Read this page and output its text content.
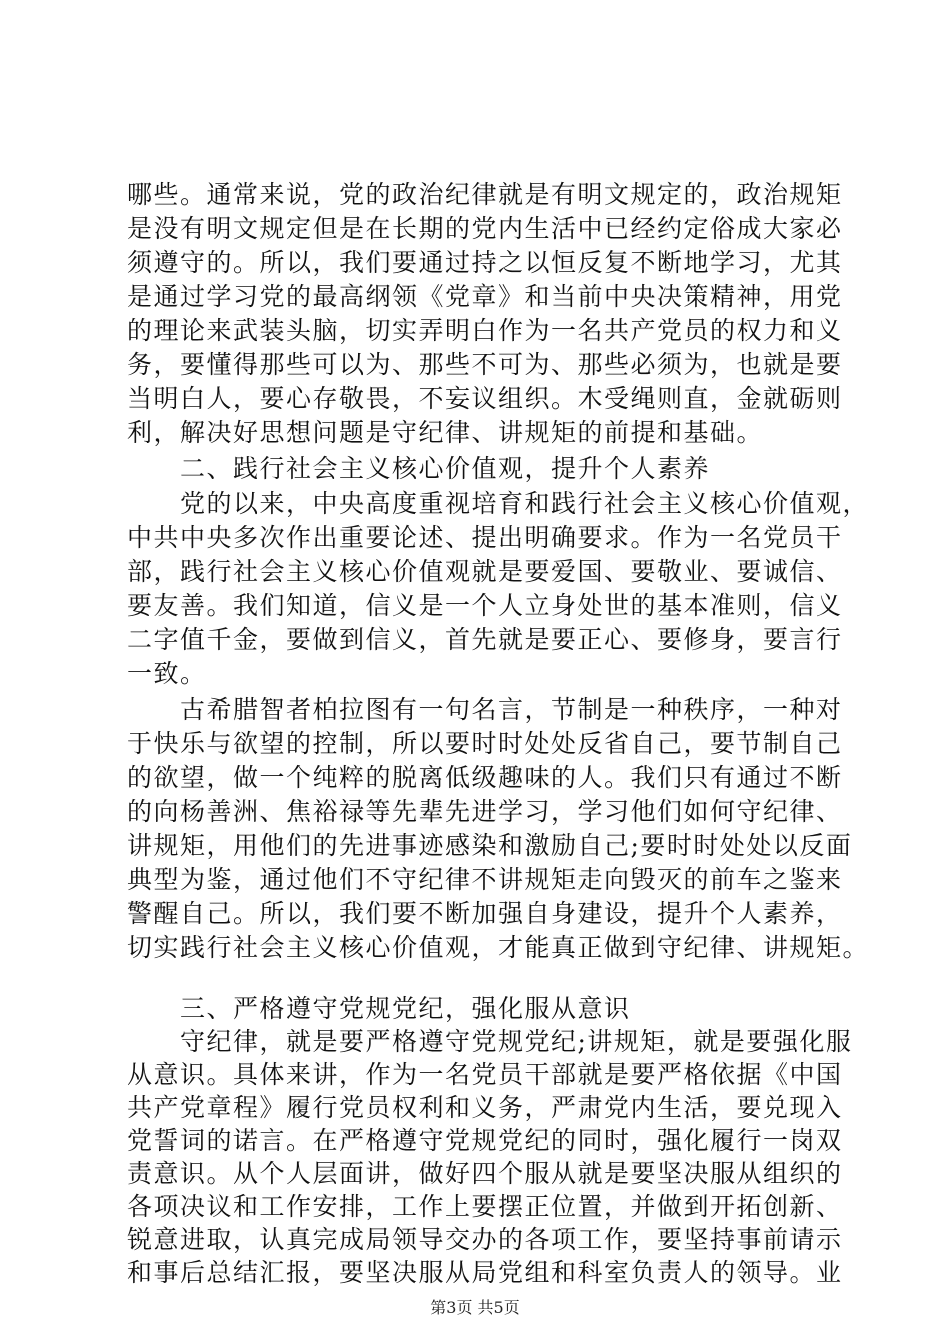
哪些。通常来说，党的政治纪律就是有明文规定的，政治规矩
是没有明文规定但是在长期的党内生活中已经约定俗成大家必
须遵守的。所以，我们要通过持之以恒反复不断地学习，尤其
是通过学习党的最高纲领《党章》和当前中央决策精神，用党
的理论来武装头脑，切实弄明白作为一名共产党员的权力和义
务，要懂得那些可以为、那些不可为、那些必须为，也就是要
当明白人，要心存敬畏，不妄议组织。木受绳则直，金就砺则
利，解决好思想问题是守纪律、讲规矩的前提和基础。
　　二、践行社会主义核心价值观，提升个人素养
　　党的以来，中央高度重视培育和践行社会主义核心价值观，
中共中央多次作出重要论述、提出明确要求。作为一名党员干
部，践行社会主义核心价值观就是要爱国、要敬业、要诚信、
要友善。我们知道，信义是一个人立身处世的基本准则，信义
二字值千金，要做到信义，首先就是要正心、要修身，要言行
一致。
　　古希腊智者柏拉图有一句名言，节制是一种秩序，一种对
于快乐与欲望的控制，所以要时时处处反省自己，要节制自己
的欲望，做一个纯粹的脱离低级趣味的人。我们只有通过不断
的向杨善洲、焦裕禄等先辈先进学习，学习他们如何守纪律、
讲规矩，用他们的先进事迹感染和激励自己;要时时处处以反面
典型为鉴，通过他们不守纪律不讲规矩走向毁灭的前车之鉴来
警醒自己。所以，我们要不断加强自身建设，提升个人素养，
切实践行社会主义核心价值观，才能真正做到守纪律、讲规矩。
　　三、严格遵守党规党纪，强化服从意识
　　守纪律，就是要严格遵守党规党纪;讲规矩，就是要强化服
从意识。具体来讲，作为一名党员干部就是要严格依据《中国
共产党章程》履行党员权利和义务，严肃党内生活，要兑现入
党誓词的诺言。在严格遵守党规党纪的同时，强化履行一岗双
责意识。从个人层面讲，做好四个服从就是要坚决服从组织的
各项决议和工作安排，工作上要摆正位置，并做到开拓创新、
锐意进取，认真完成局领导交办的各项工作，要坚持事前请示
和事后总结汇报，要坚决服从局党组和科室负责人的领导。业
第3页 共5页
